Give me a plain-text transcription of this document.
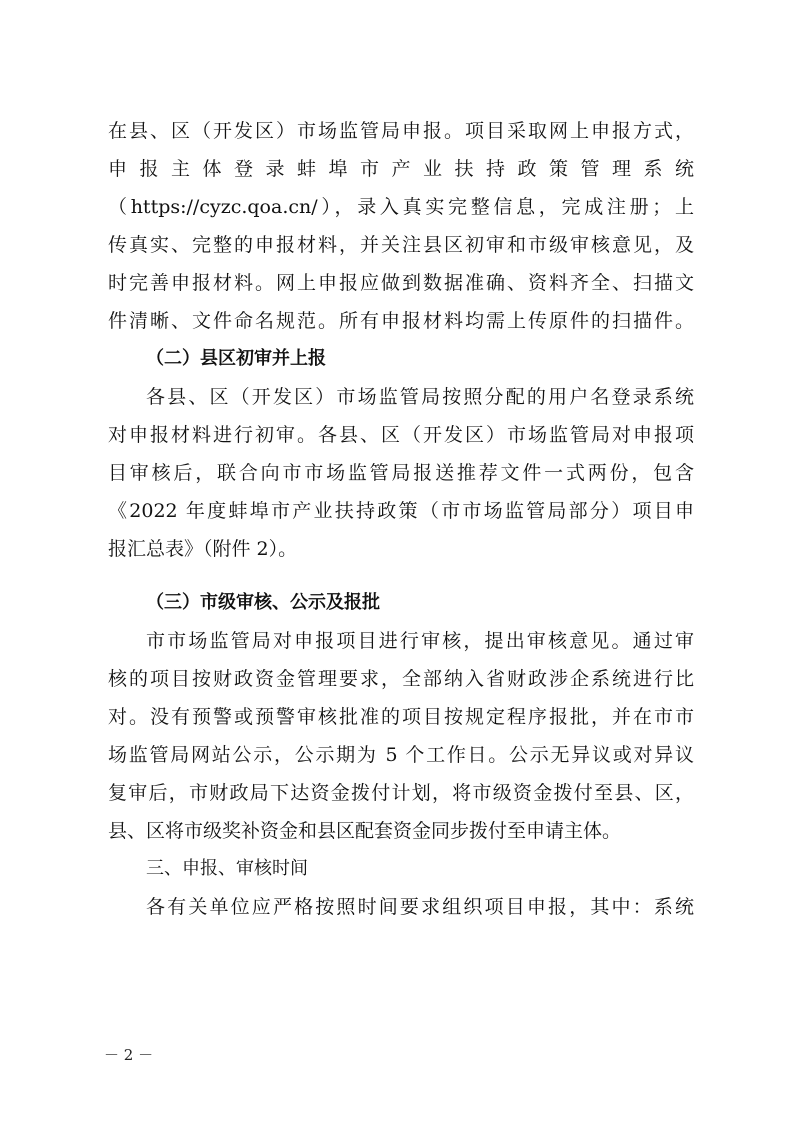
在县、区（开发区）市场监管局申报。项目采取网上申报方式，
申报主体登录蚌埠市产业扶持政策管理系统
（https://cyzc.qoa.cn/），录入真实完整信息，完成注册；上
传真实、完整的申报材料，并关注县区初审和市级审核意见，及
时完善申报材料。网上申报应做到数据准确、资料齐全、扫描文
件清晰、文件命名规范。所有申报材料均需上传原件的扫描件。
（二）县区初审并上报
各县、区（开发区）市场监管局按照分配的用户名登录系统
对申报材料进行初审。各县、区（开发区）市场监管局对申报项
目审核后，联合向市市场监管局报送推荐文件一式两份，包含
《2022 年度蚌埠市产业扶持政策（市市场监管局部分）项目申
报汇总表》（附件 2）。
（三）市级审核、公示及报批
市市场监管局对申报项目进行审核，提出审核意见。通过审
核的项目按财政资金管理要求，全部纳入省财政涉企系统进行比
对。没有预警或预警审核批准的项目按规定程序报批，并在市市
场监管局网站公示，公示期为 5 个工作日。公示无异议或对异议
复审后，市财政局下达资金拨付计划，将市级资金拨付至县、区，
县、区将市级奖补资金和县区配套资金同步拨付至申请主体。
三、申报、审核时间
各有关单位应严格按照时间要求组织项目申报，其中：系统
－ 2 －
